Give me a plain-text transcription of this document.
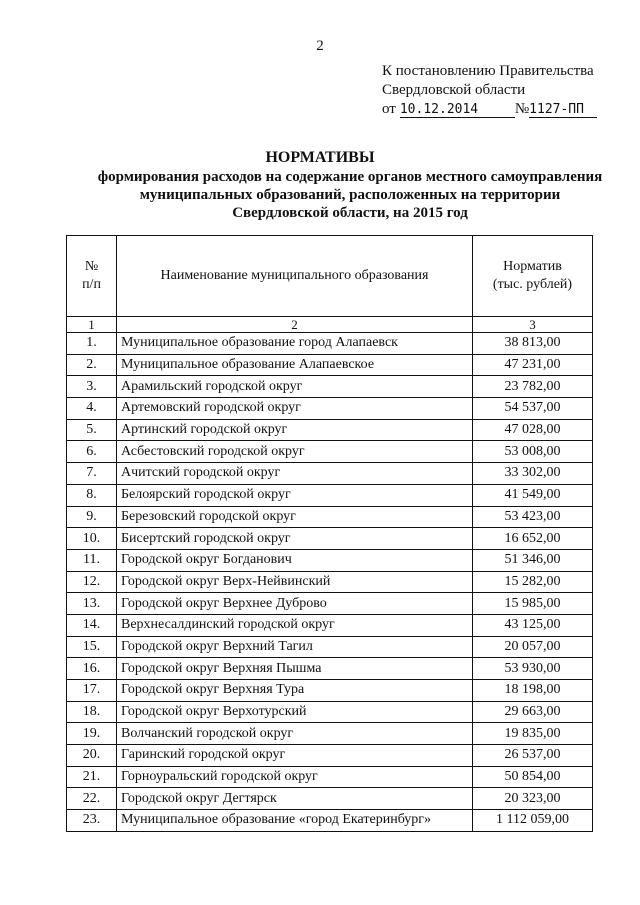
2
К постановлению Правительства
Свердловской области
от 10.12.2014 №1127-ПП
НОРМАТИВЫ
формирования расходов на содержание органов местного самоуправления
муниципальных образований, расположенных на территории
Свердловской области, на 2015 год
№
п/п	Наименование муниципального образования	Норматив
(тыс. рублей)
1	2	3
1.	Муниципальное образование город Алапаевск	38 813,00
2.	Муниципальное образование Алапаевское	47 231,00
3.	Арамильский городской округ	23 782,00
4.	Артемовский городской округ	54 537,00
5.	Артинский городской округ	47 028,00
6.	Асбестовский городской округ	53 008,00
7.	Ачитский городской округ	33 302,00
8.	Белоярский городской округ	41 549,00
9.	Березовский городской округ	53 423,00
10.	Бисертский городской округ	16 652,00
11.	Городской округ Богданович	51 346,00
12.	Городской округ Верх-Нейвинский	15 282,00
13.	Городской округ Верхнее Дуброво	15 985,00
14.	Верхнесалдинский городской округ	43 125,00
15.	Городской округ Верхний Тагил	20 057,00
16.	Городской округ Верхняя Пышма	53 930,00
17.	Городской округ Верхняя Тура	18 198,00
18.	Городской округ Верхотурский	29 663,00
19.	Волчанский городской округ	19 835,00
20.	Гаринский городской округ	26 537,00
21.	Горноуральский городской округ	50 854,00
22.	Городской округ Дегтярск	20 323,00
23.	Муниципальное образование «город Екатеринбург»	1 112 059,00
